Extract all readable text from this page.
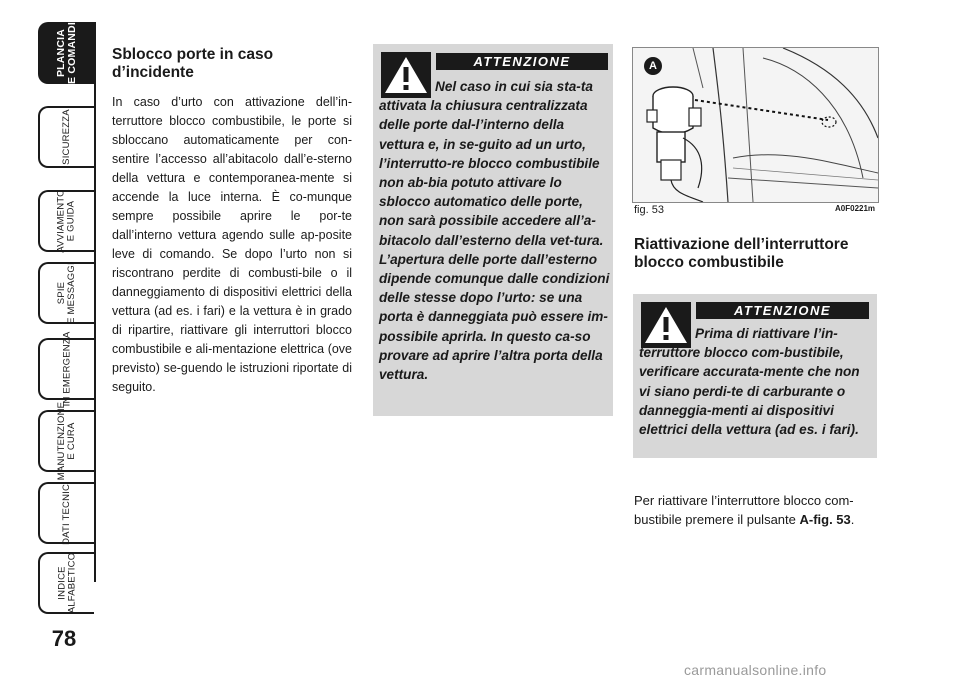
PLANCIA
E COMANDI
SICUREZZA
AVVIAMENTO
E GUIDA
SPIE
E MESSAGGI
IN EMERGENZA
MANUTENZIONE
E CURA
DATI TECNICI
INDICE
ALFABETICO
78
Sblocco porte in caso d’incidente

In caso d’urto con attivazione dell’in-terruttore blocco combustibile, le porte si sbloccano automaticamente per con-sentire l’accesso all’abitacolo dall’e-sterno della vettura e contemporanea-mente si accende la luce interna. È co-munque sempre possibile aprire le por-te dall’interno vettura agendo sulle ap-posite leve di comando. Se dopo l’urto non si riscontrano perdite di combusti-bile o il danneggiamento di dispositivi elettrici della vettura (ad es. i fari) e la vettura è in grado di ripartire, riattivare gli interruttori blocco combustibile e ali-mentazione elettrica (ove previsto) se-guendo le istruzioni riportate di seguito.

ATTENZIONE
Nel caso in cui sia sta-ta attivata la chiusura centralizzata delle porte dal-l’interno della vettura e, in se-guito ad un urto, l’interrutto-re blocco combustibile non ab-bia potuto attivare lo sblocco automatico delle porte, non sarà possibile accedere all’a-bitacolo dall’esterno della vet-tura. L’apertura delle porte dall’esterno dipende comunque dalle condizioni delle stesse dopo l’urto: se una porta è danneggiata può essere im-possibile aprirla. In questo ca-so provare ad aprire l’altra porta della vettura.
A
fig. 53	A0F0221m
Riattivazione dell’interruttore blocco combustibile
ATTENZIONE
Prima di riattivare l’in-terruttore blocco com-bustibile, verificare accurata-mente che non vi siano perdi-te di carburante o danneggia-menti ai dispositivi elettrici della vettura (ad es. i fari).

Per riattivare l’interruttore blocco com-bustibile premere il pulsante A-fig. 53.

carmanualsonline.info
